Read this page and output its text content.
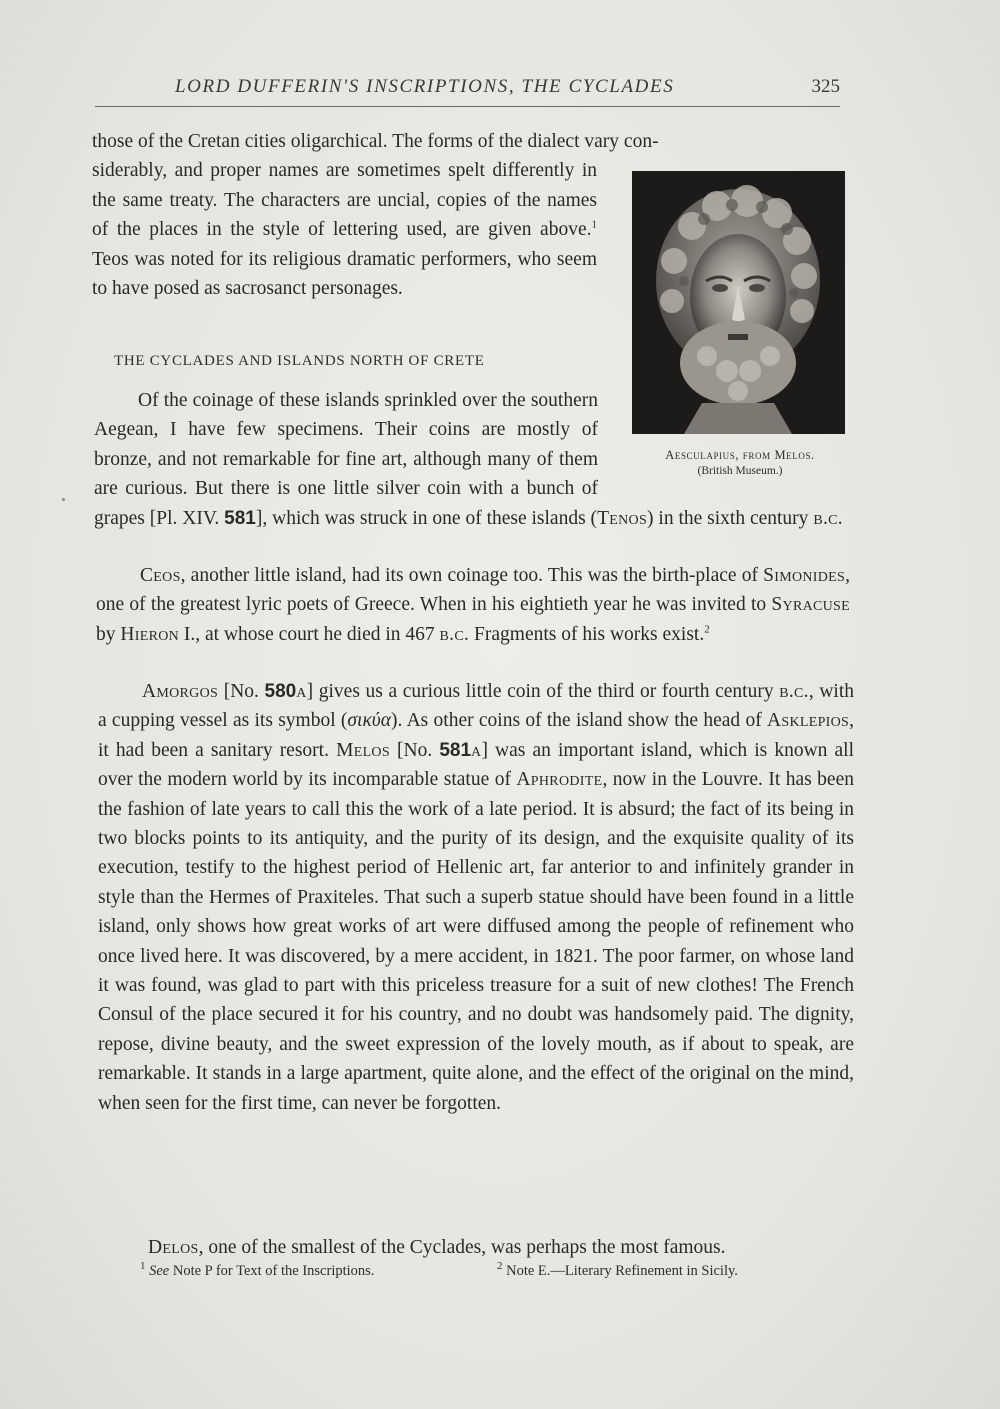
LORD DUFFERIN'S INSCRIPTIONS, THE CYCLADES	325
Aesculapius, from Melos.
(British Museum.)

those of the Cretan cities oligarchical. The forms of the dialect vary con-

siderably, and proper names are sometimes spelt differently in the same treaty. The characters are uncial, copies of the names of the places in the style of lettering used, are given above.$^1$ Teos was noted for its religious dramatic performers, who seem to have posed as sacrosanct personages.

THE CYCLADES AND ISLANDS NORTH OF CRETE

Of the coinage of these islands sprinkled over the southern Aegean, I have few specimens. Their coins are mostly of bronze, and not remarkable for fine art, although many of them are curious. But there is one little silver coin with a bunch of grapes [Pl. XIV. 581], which was struck in one of these islands (Tenos) in the sixth century b.c.

Ceos, another little island, had its own coinage too. This was the birth-place of Simonides, one of the greatest lyric poets of Greece. When in his eightieth year he was invited to Syracuse by Hieron I., at whose court he died in 467 b.c. Fragments of his works exist.$^2$

Amorgos [No. 580a] gives us a curious little coin of the third or fourth century b.c., with a cupping vessel as its symbol (σικύα). As other coins of the island show the head of Asklepios, it had been a sanitary resort. Melos [No. 581a] was an important island, which is known all over the modern world by its incomparable statue of Aphrodite, now in the Louvre. It has been the fashion of late years to call this the work of a late period. It is absurd; the fact of its being in two blocks points to its antiquity, and the purity of its design, and the exquisite quality of its execution, testify to the highest period of Hellenic art, far anterior to and infinitely grander in style than the Hermes of Praxiteles. That such a superb statue should have been found in a little island, only shows how great works of art were diffused among the people of refinement who once lived here. It was discovered, by a mere accident, in 1821. The poor farmer, on whose land it was found, was glad to part with this priceless treasure for a suit of new clothes! The French Consul of the place secured it for his country, and no doubt was handsomely paid. The dignity, repose, divine beauty, and the sweet expression of the lovely mouth, as if about to speak, are remarkable. It stands in a large apartment, quite alone, and the effect of the original on the mind, when seen for the first time, can never be forgotten.

Delos, one of the smallest of the Cyclades, was perhaps the most famous.

$^1$ See Note P for Text of the Inscriptions.	$^2$ Note E.—Literary Refinement in Sicily.
